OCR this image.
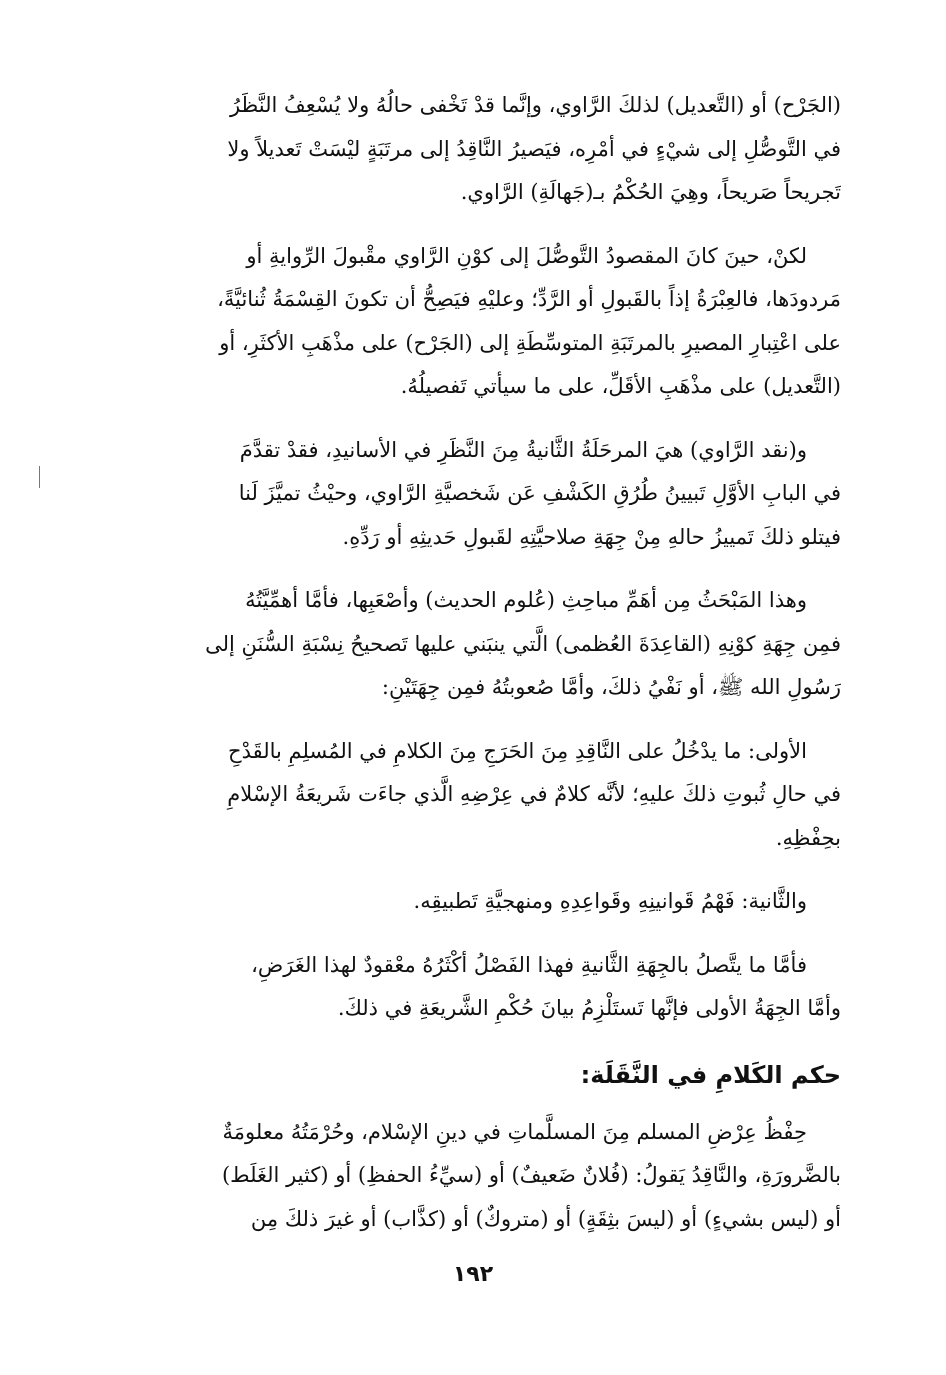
(الجَرْح) أو (التَّعديل) لذلكَ الرَّاوي، وإنَّما قدْ تَخْفى حالُهُ ولا يُسْعِفُ النَّظَرُ
في التَّوصُّلِ إلى شيْءٍ في أمْرِه، فيَصيرُ النَّاقِدُ إلى مرتَبَةٍ ليْسَتْ تَعديلاً ولا
تَجريحاً صَريحاً، وهِيَ الحُكْمُ بـ(جَهالَةِ) الرَّاوي.
لكنْ، حينَ كانَ المقصودُ التَّوصُّلَ إلى كوْنِ الرَّاوي مقْبولَ الرِّوايةِ أو
مَردودَها، فالعِبْرَةُ إذاً بالقَبولِ أو الرَّدِّ؛ وعليْهِ فيَصِحُّ أن تكونَ القِسْمَةُ ثُنائيَّةً،
على اعْتِبارِ المصيرِ بالمرتَبَةِ المتوسِّطَةِ إلى (الجَرْح) على مذْهَبِ الأكثَرِ، أو
(التَّعديل) على مذْهَبِ الأقَلِّ، على ما سيأتي تَفصيلُهُ.
و(نقد الرَّاوي) هيَ المرحَلَةُ الثَّانيةُ مِنَ النَّظَرِ في الأسانيدِ، فقدْ تقدَّمَ
في البابِ الأوَّلِ تَبيينُ طُرُقِ الكَشْفِ عَن شَخصيَّةِ الرَّاوي، وحيْثُ تميَّزَ لَنا
فيتلو ذلكَ تَمييزُ حالهِ مِنْ جِهَةِ صلاحيَّتِهِ لقَبولِ حَديثِهِ أو رَدِّهِ.
وهذا المَبْحَثُ مِن أهَمِّ مباحِثِ (عُلوم الحديث) وأصْعَبِها، فأمَّا أهمِّيَّتُهُ
فمِن جِهَةِ كوْنِهِ (القاعِدَةَ العُظمى) الَّتي ينبَني عليها تَصحيحُ نِسْبَةِ السُّنَنِ إلى
رَسُولِ الله ﷺ، أو نَفْيُ ذلكَ، وأمَّا صُعوبتُهُ فمِن جِهَتَيْنِ:
الأولى: ما يدْخُلُ على النَّاقِدِ مِنَ الحَرَجِ مِنَ الكلامِ في المُسلِمِ بالقَدْحِ
في حالِ ثُبوتِ ذلكَ عليهِ؛ لأنَّه كلامٌ في عِرْضِهِ الَّذي جاءَت شَريعَةُ الإسْلامِ
بحِفْظِهِ.
والثَّانية: فَهْمُ قَوانينِهِ وقَواعِدِهِ ومنهجيَّةِ تَطبيقِه.
فأمَّا ما يتَّصلُ بالجِهَةِ الثَّانيةِ فهذا الفَصْلُ أكْثَرُهُ معْقودٌ لهذا الغَرَضِ،
وأمَّا الجِهَةُ الأولى فإنَّها تَستَلْزِمُ بيانَ حُكْمِ الشَّريعَةِ في ذلكَ.
حكم الكَلامِ في النَّقَلَة:
حِفْظُ عِرْضِ المسلم مِنَ المسلَّماتِ في دينِ الإسْلام، وحُرْمَتُهُ معلومَةٌ
بالضَّرورَةِ، والنَّاقِدُ يَقولُ: (فُلانٌ ضَعيفٌ) أو (سيِّءُ الحفظِ) أو (كثير الغَلَط)
أو (ليس بشيءٍ) أو (ليسَ بثِقَةٍ) أو (متروكٌ) أو (كذَّاب) أو غيرَ ذلكَ مِن
١٩٢
